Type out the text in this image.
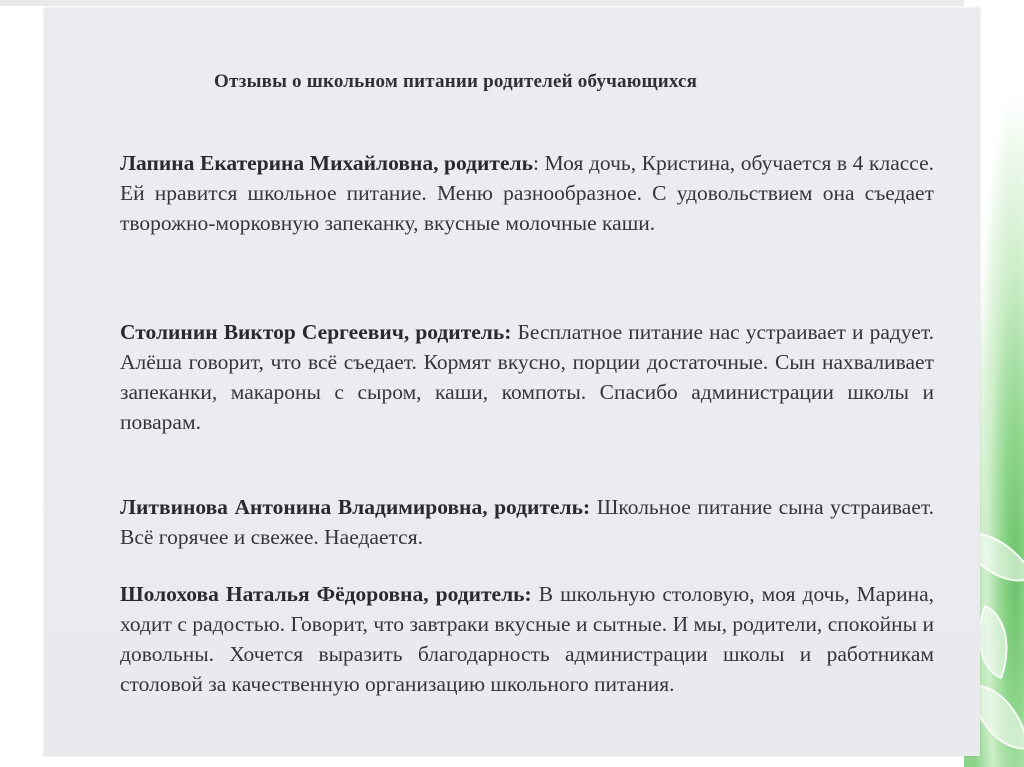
Отзывы о школьном питании родителей обучающихся

Лапина Екатерина Михайловна, родитель: Моя дочь, Кристина, обучается в 4 классе. Ей нравится школьное питание. Меню разнообразное. С удовольствием она съедает творожно-морковную запеканку, вкусные молочные каши.

Столинин Виктор Сергеевич, родитель: Бесплатное питание нас устраивает и радует. Алёша говорит, что всё съедает. Кормят вкусно, порции достаточные. Сын нахваливает запеканки, макароны с сыром, каши, компоты. Спасибо администрации школы и поварам.

Литвинова Антонина Владимировна, родитель: Школьное питание сына устраивает. Всё горячее и свежее. Наедается.

Шолохова Наталья Фёдоровна, родитель: В школьную столовую, моя дочь, Марина, ходит с радостью. Говорит, что завтраки вкусные и сытные. И мы, родители, спокойны и довольны. Хочется выразить благодарность администрации школы и работникам столовой за качественную организацию школьного питания.
